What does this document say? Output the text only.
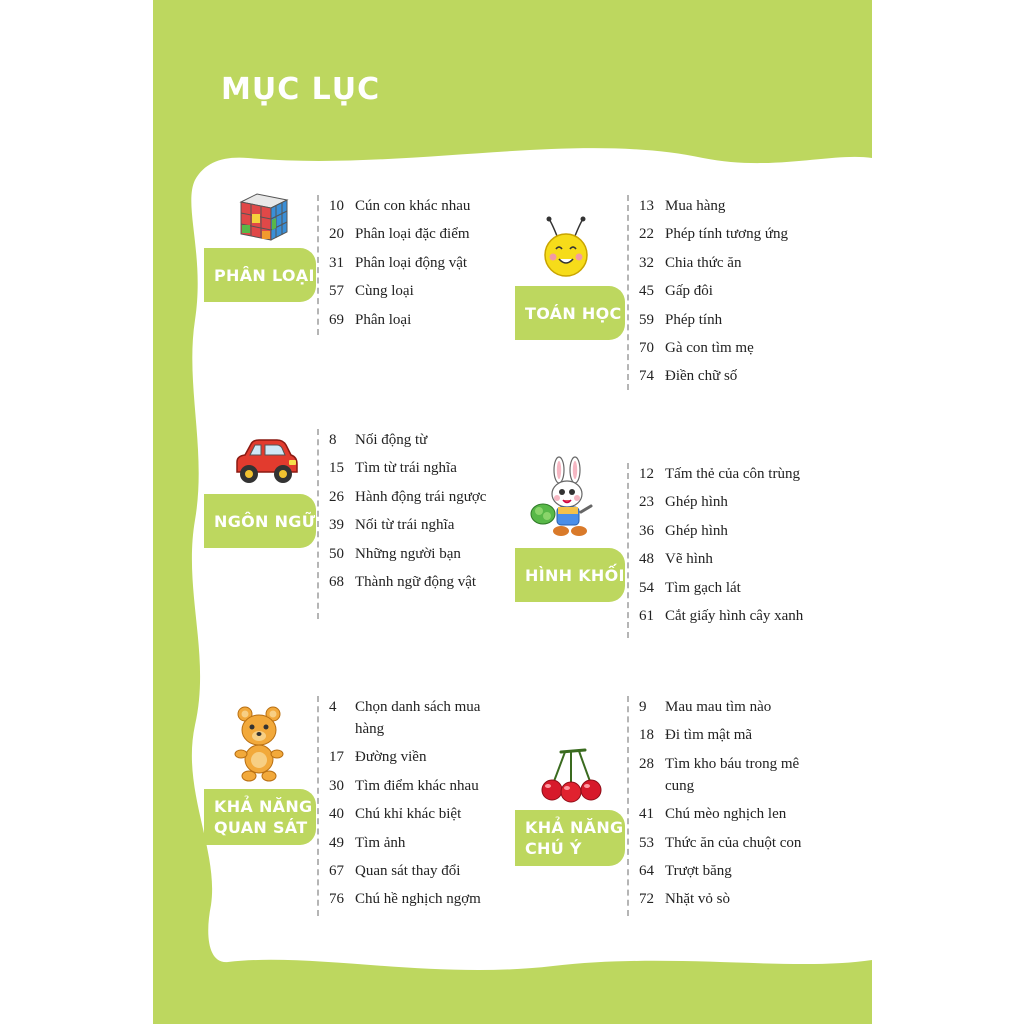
MỤC LỤC
PHÂN LOẠI
10 Cún con khác nhau
20 Phân loại đặc điểm
31 Phân loại động vật
57 Cùng loại
69 Phân loại	TOÁN HỌC
13 Mua hàng
22 Phép tính tương ứng
32 Chia thức ăn
45 Gấp đôi
59 Phép tính
70 Gà con tìm mẹ
74 Điền chữ số
NGÔN NGỮ
8	Nối động từ
15 Tìm từ trái nghĩa
26 Hành động trái ngược
39 Nối từ trái nghĩa
50 Những người bạn
68 Thành ngữ động vật	HÌNH KHỐI
12 Tấm thẻ của côn trùng
23 Ghép hình
36 Ghép hình
48 Vẽ hình
54 Tìm gạch lát
61 Cắt giấy hình cây xanh
KHẢ NĂNG
QUAN SÁT
4	Chọn danh sách mua hàng
17 Đường viền
30 Tìm điểm khác nhau
40 Chú khỉ khác biệt
49 Tìm ảnh
67 Quan sát thay đổi
76 Chú hề nghịch ngợm
KHẢ NĂNG
CHÚ Ý
9	Mau mau tìm nào
18 Đi tìm mật mã
28 Tìm kho báu trong mê cung
41 Chú mèo nghịch len
53 Thức ăn của chuột con
64 Trượt băng
72 Nhặt vỏ sò
